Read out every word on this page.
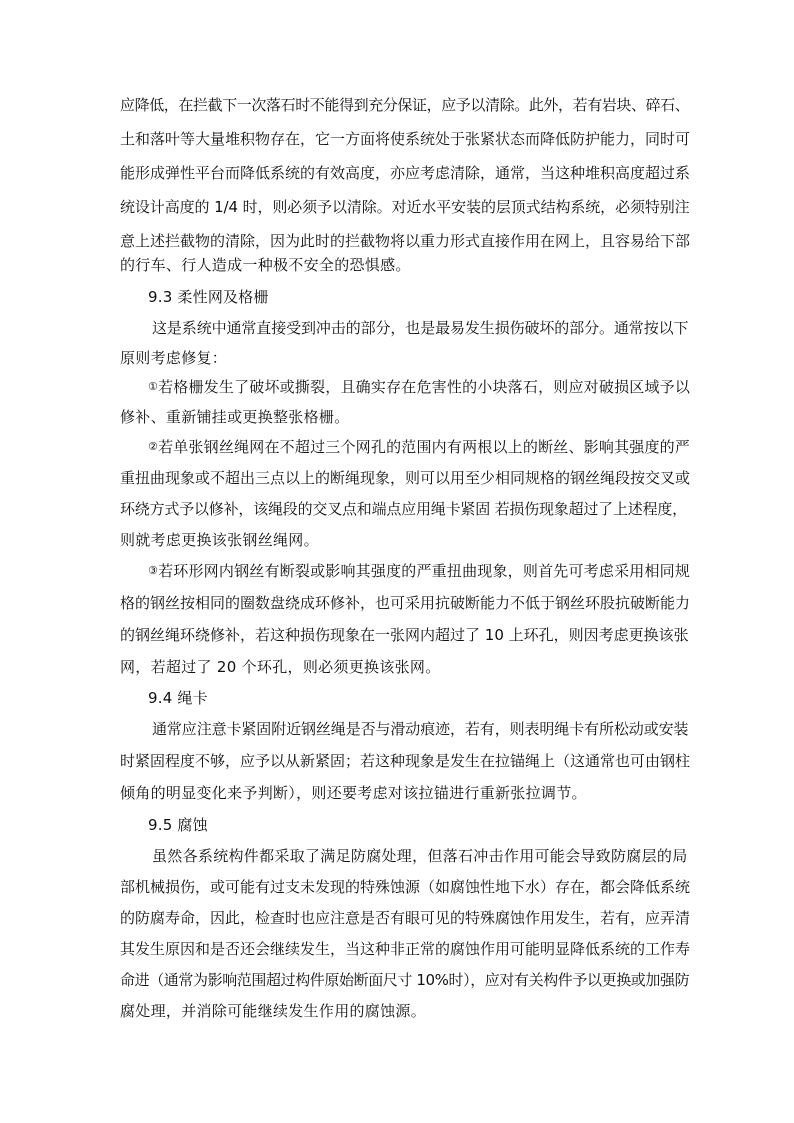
应降低，在拦截下一次落石时不能得到充分保证，应予以清除。此外，若有岩块、碎石、
土和落叶等大量堆积物存在，它一方面将使系统处于张紧状态而降低防护能力，同时可
能形成弹性平台而降低系统的有效高度，亦应考虑清除，通常，当这种堆积高度超过系
统设计高度的 1/4 时，则必须予以清除。对近水平安装的层顶式结构系统，必须特别注
意上述拦截物的清除，因为此时的拦截物将以重力形式直接作用在网上，且容易给下部
的行车、行人造成一种极不安全的恐惧感。
9.3 柔性网及格栅
这是系统中通常直接受到冲击的部分，也是最易发生损伤破坏的部分。通常按以下
原则考虑修复：
①若格栅发生了破坏或撕裂，且确实存在危害性的小块落石，则应对破损区域予以
修补、重新铺挂或更换整张格栅。
②若单张钢丝绳网在不超过三个网孔的范围内有两根以上的断丝、影响其强度的严
重扭曲现象或不超出三点以上的断绳现象，则可以用至少相同规格的钢丝绳段按交叉或
环绕方式予以修补，该绳段的交叉点和端点应用绳卡紧固 若损伤现象超过了上述程度，
则就考虑更换该张钢丝绳网。
③若环形网内钢丝有断裂或影响其强度的严重扭曲现象，则首先可考虑采用相同规
格的钢丝按相同的圈数盘绕成环修补，也可采用抗破断能力不低于钢丝环股抗破断能力
的钢丝绳环绕修补，若这种损伤现象在一张网内超过了 10 上环孔，则因考虑更换该张
网，若超过了 20 个环孔，则必须更换该张网。
9.4 绳卡
通常应注意卡紧固附近钢丝绳是否与滑动痕迹，若有，则表明绳卡有所松动或安装
时紧固程度不够，应予以从新紧固；若这种现象是发生在拉锚绳上（这通常也可由钢柱
倾角的明显变化来予判断），则还要考虑对该拉锚进行重新张拉调节。
9.5 腐蚀
虽然各系统构件都采取了满足防腐处理，但落石冲击作用可能会导致防腐层的局
部机械损伤，或可能有过支未发现的特殊蚀源（如腐蚀性地下水）存在，都会降低系统
的防腐寿命，因此，检查时也应注意是否有眼可见的特殊腐蚀作用发生，若有，应弄清
其发生原因和是否还会继续发生，当这种非正常的腐蚀作用可能明显降低系统的工作寿
命进（通常为影响范围超过构件原始断面尺寸 10%时），应对有关构件予以更换或加强防
腐处理，并消除可能继续发生作用的腐蚀源。
